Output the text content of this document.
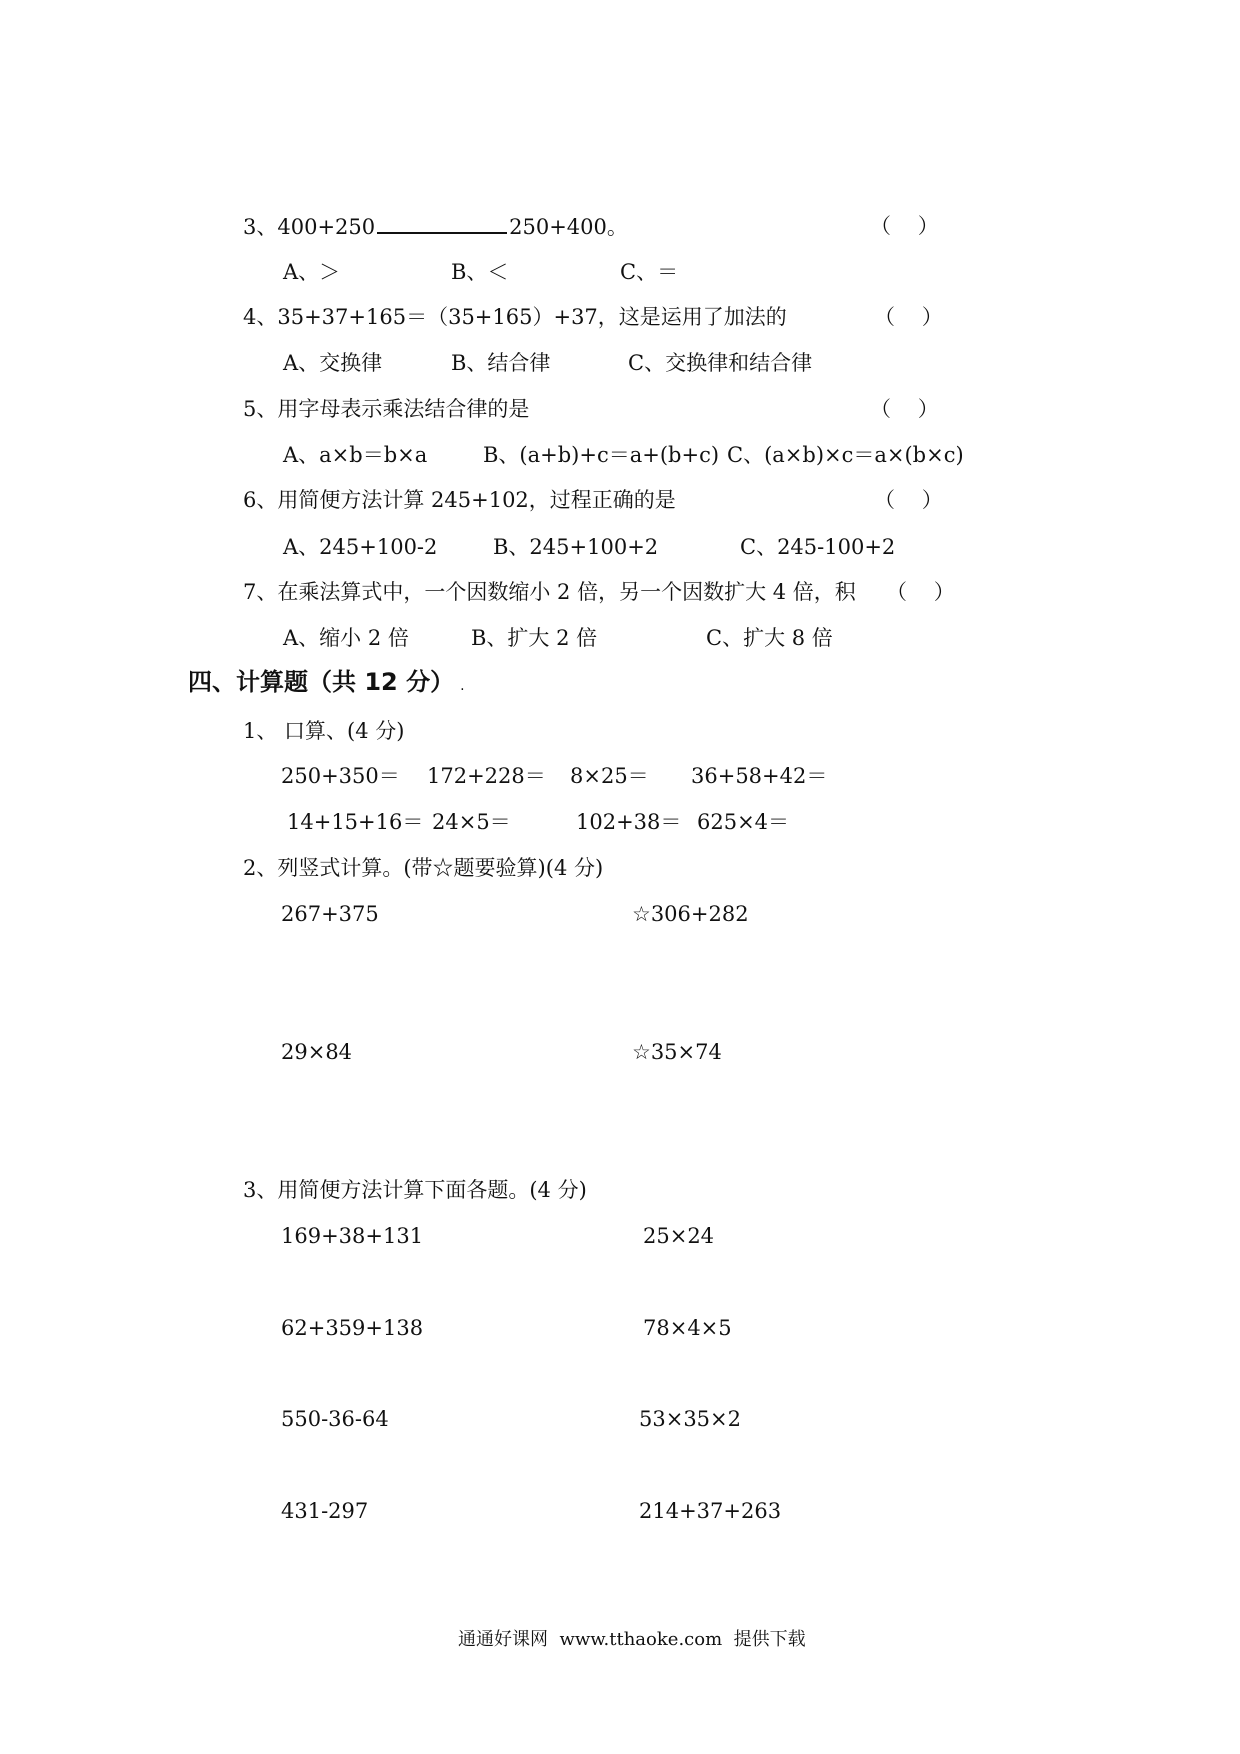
3、400+250	250+400。	（    ）
A、＞	B、＜	C、＝
4、35+37+165＝（35+165）+37，这是运用了加法的	（    ）
A、交换律	B、结合律	C、交换律和结合律
5、用字母表示乘法结合律的是	（    ）
A、a×b＝b×a	B、(a+b)+c＝a+(b+c) C、(a×b)×c＝a×(b×c)
6、用简便方法计算 245+102，过程正确的是	（    ）
A、245+100-2	B、245+100+2	C、245-100+2
7、在乘法算式中，一个因数缩小 2 倍，另一个因数扩大 4 倍，积 （    ）
A、缩小 2 倍	B、扩大 2 倍	C、扩大 8 倍
四、计算题（共 12 分） .
1、 口算、(4 分)
250+350＝ 172+228＝ 8×25＝ 36+58+42＝
14+15+16＝ 24×5＝	102+38＝ 625×4＝
2、列竖式计算。(带☆题要验算)(4 分)
267+375	☆306+282
29×84	☆35×74
3、用简便方法计算下面各题。(4 分)
169+38+131	25×24
62+359+138	78×4×5
550-36-64	53×35×2
431-297	214+37+263
通通好课网  www.tthaoke.com  提供下载
